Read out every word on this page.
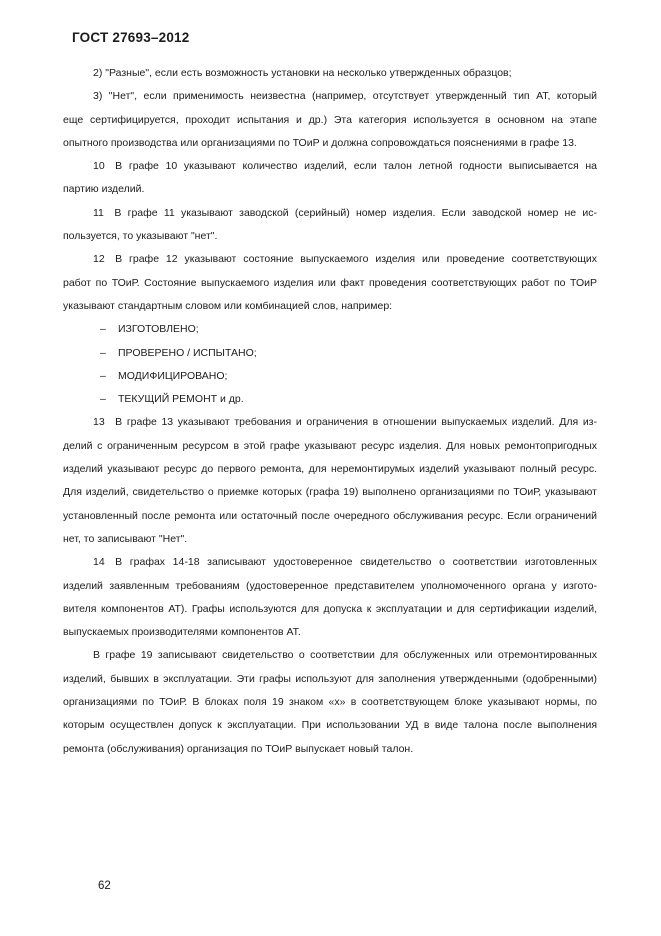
ГОСТ 27693–2012
2) "Разные", если есть возможность установки на несколько утвержденных образцов;
3) "Нет", если применимость неизвестна (например, отсутствует утвержденный тип АТ, который
еще сертифицируется, проходит испытания и др.) Эта категория используется в основном на этапе
опытного производства или организациями по ТОиР и должна сопровождаться пояснениями в графе 13.
10 В графе 10 указывают количество изделий, если талон летной годности выписывается на
партию изделий.
11 В графе 11 указывают заводской (серийный) номер изделия. Если заводской номер не ис-
пользуется, то указывают "нет".
12 В графе 12 указывают состояние выпускаемого изделия или проведение соответствующих
работ по ТОиР. Состояние выпускаемого изделия или факт проведения соответствующих работ по ТОиР
указывают стандартным словом или комбинацией слов, например:
– ИЗГОТОВЛЕНО;
– ПРОВЕРЕНО / ИСПЫТАНО;
– МОДИФИЦИРОВАНО;
– ТЕКУЩИЙ РЕМОНТ и др.
13 В графе 13 указывают требования и ограничения в отношении выпускаемых изделий. Для из-
делий с ограниченным ресурсом в этой графе указывают ресурс изделия. Для новых ремонтопригодных
изделий указывают ресурс до первого ремонта, для неремонтирумых изделий указывают полный ресурс.
Для изделий, свидетельство о приемке которых (графа 19) выполнено организациями по ТОиР, указывают
установленный после ремонта или остаточный после очередного обслуживания ресурс. Если ограничений
нет, то записывают "Нет".
14 В графах 14-18 записывают удостоверенное свидетельство о соответствии изготовленных
изделий заявленным требованиям (удостоверенное представителем уполномоченного органа у изгото-
вителя компонентов АТ). Графы используются для допуска к эксплуатации и для сертификации изделий,
выпускаемых производителями компонентов АТ.
В графе 19 записывают свидетельство о соответствии для обслуженных или отремонтированных
изделий, бывших в эксплуатации. Эти графы используют для заполнения утвержденными (одобренными)
организациями по ТОиР. В блоках поля 19 знаком «х» в соответствующем блоке указывают нормы, по
которым осуществлен допуск к эксплуатации. При использовании УД в виде талона после выполнения
ремонта (обслуживания) организация по ТОиР выпускает новый талон.
62
